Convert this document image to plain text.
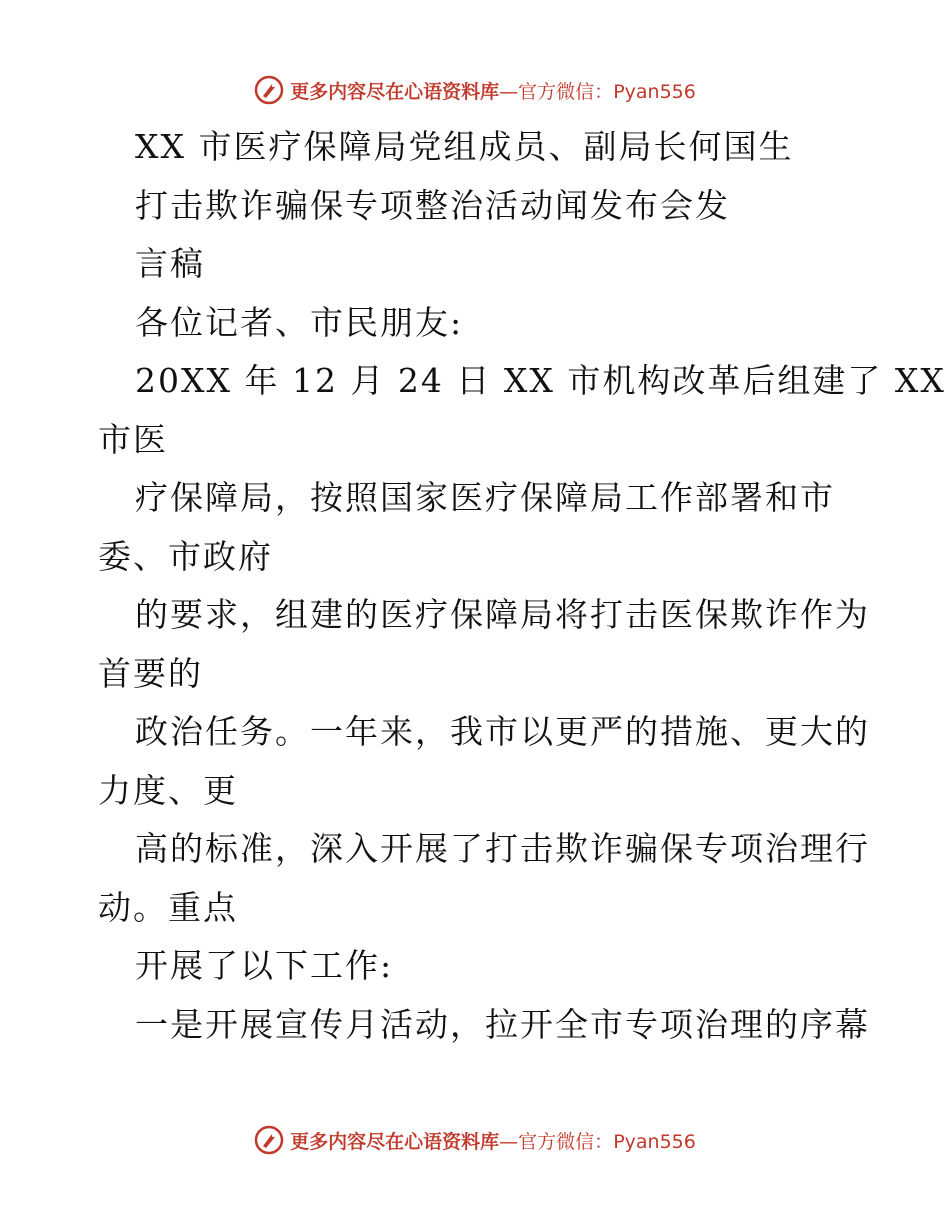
更多内容尽在心语资料库—官方微信：Pyan556
XX 市医疗保障局党组成员、副局长何国生
打击欺诈骗保专项整治活动闻发布会发
言稿
各位记者、市民朋友:
20XX 年 12 月 24 日 XX 市机构改革后组建了 XX
市医
疗保障局，按照国家医疗保障局工作部署和市
委、市政府
的要求，组建的医疗保障局将打击医保欺诈作为
首要的
政治任务。一年来，我市以更严的措施、更大的
力度、更
高的标准，深入开展了打击欺诈骗保专项治理行
动。重点
开展了以下工作:
一是开展宣传月活动，拉开全市专项治理的序幕
更多内容尽在心语资料库—官方微信：Pyan556
